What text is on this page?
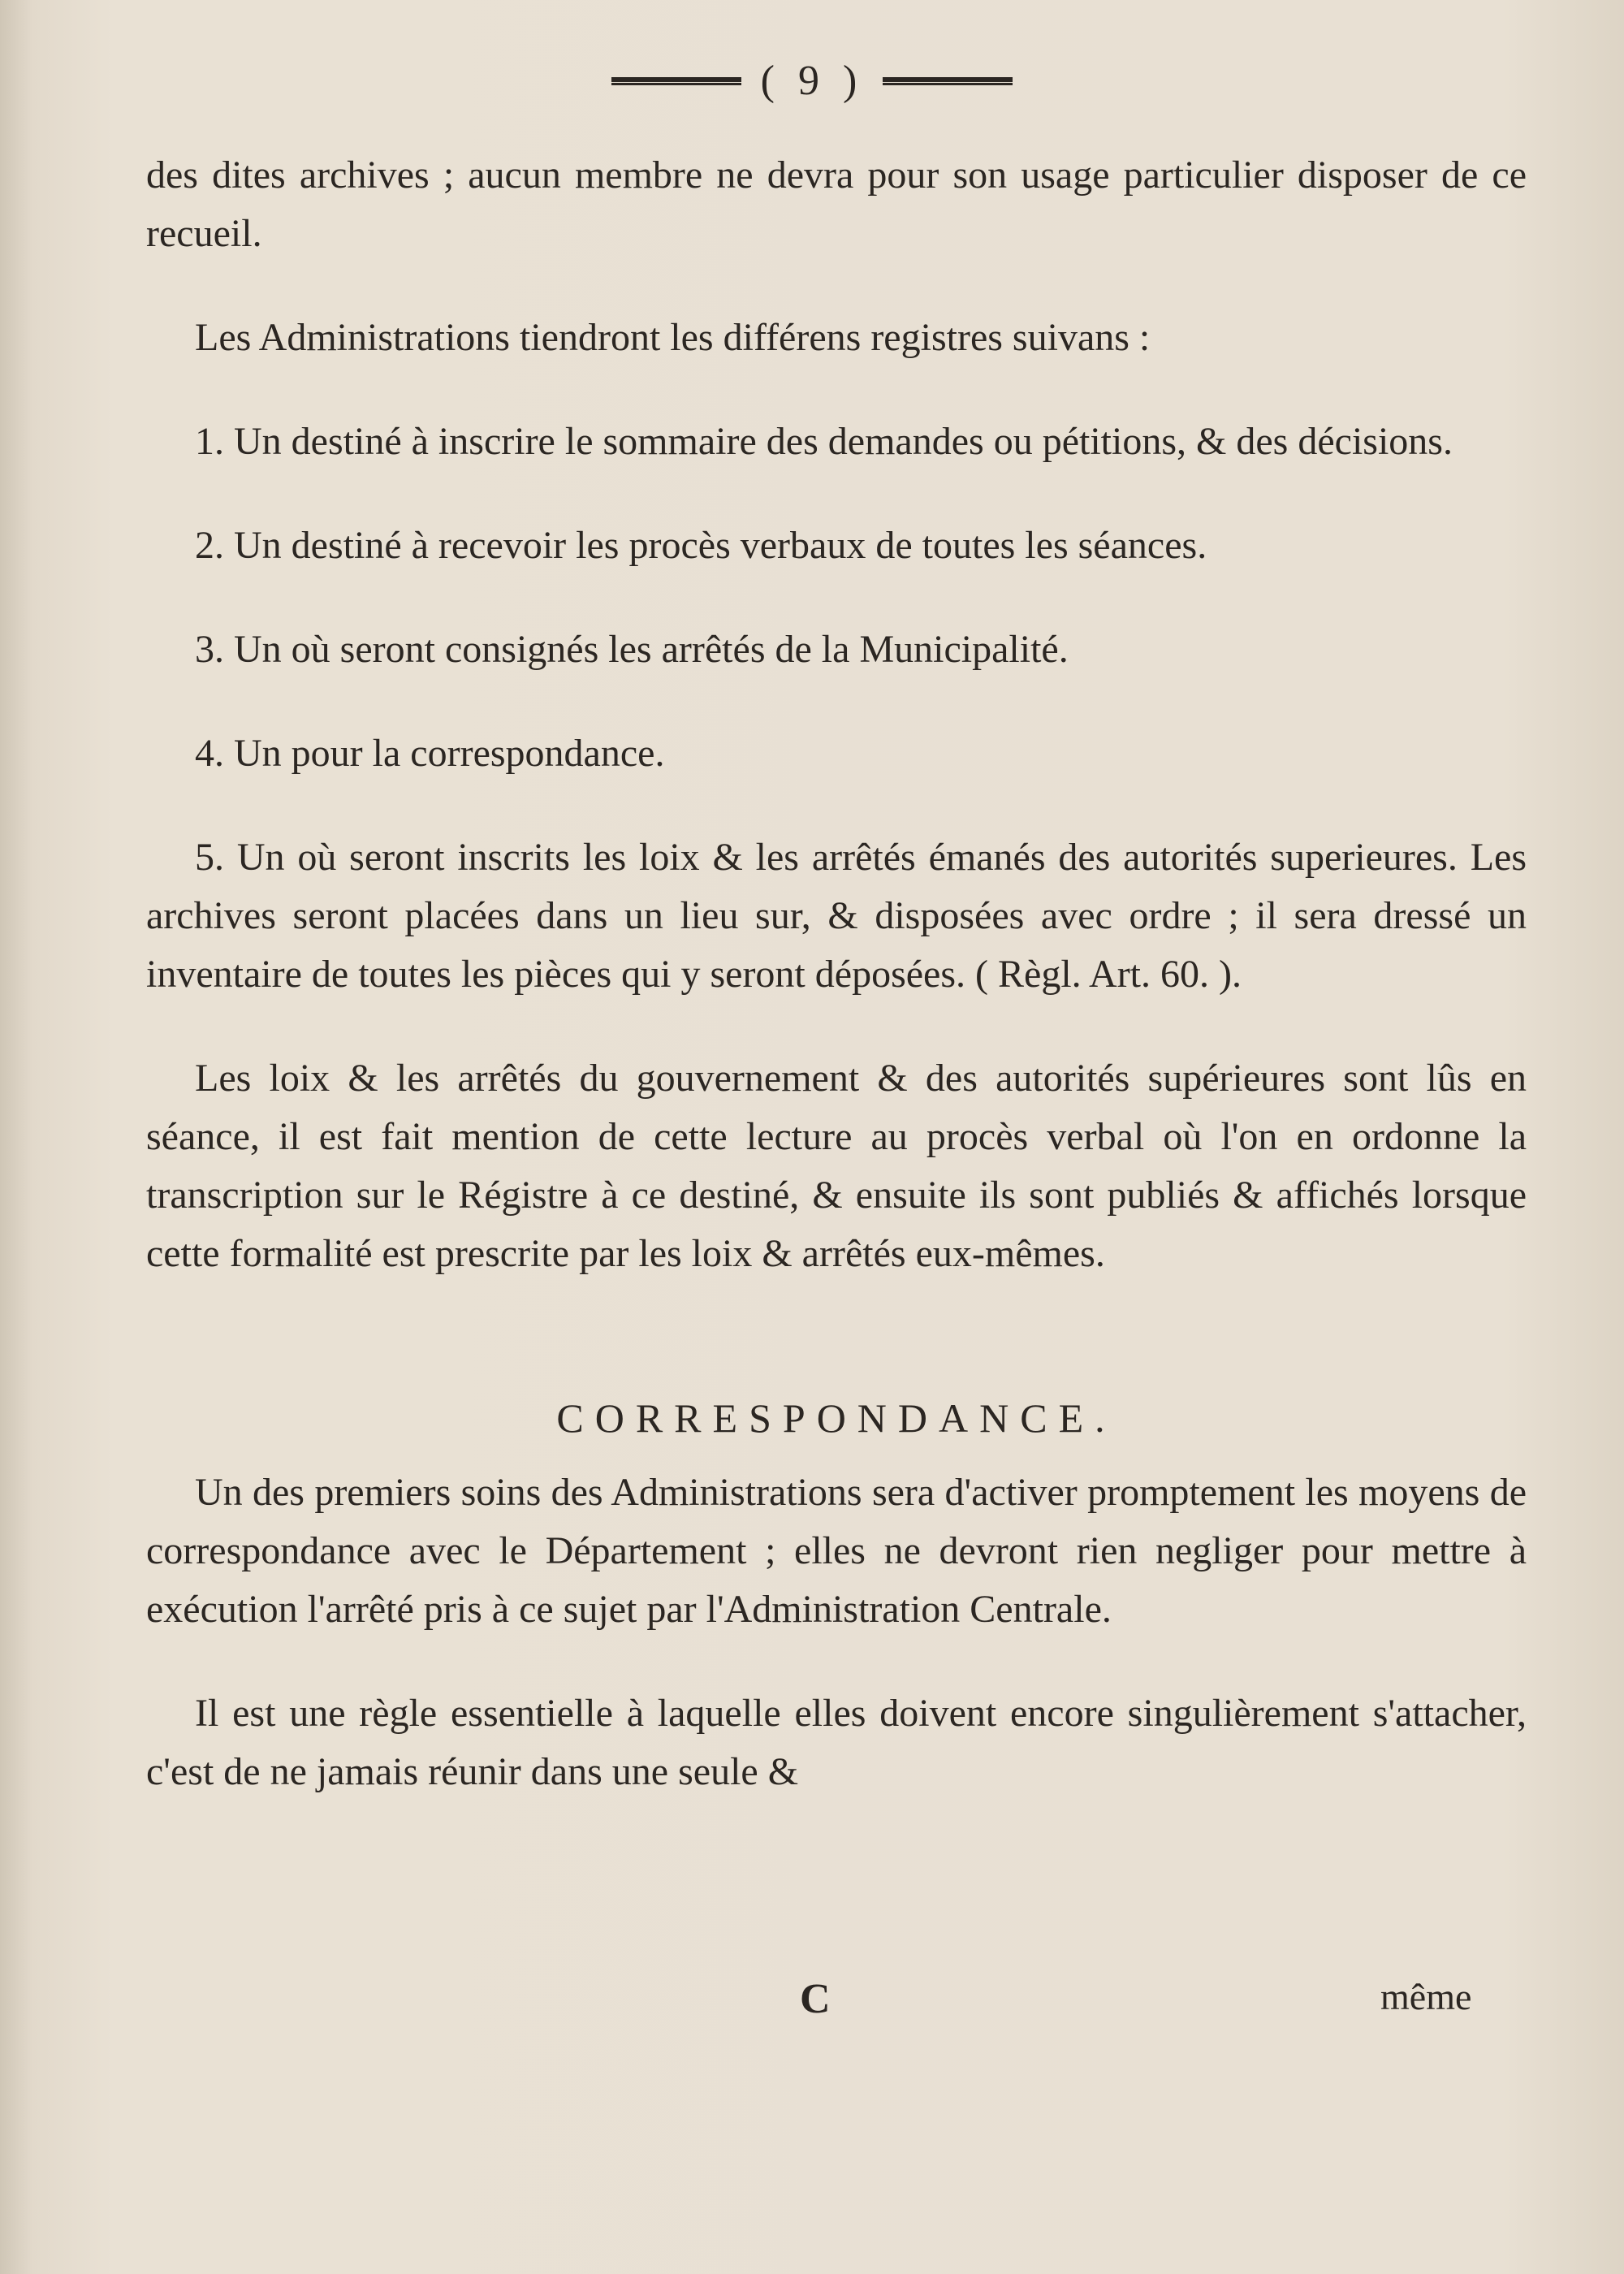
( 9 )

des dites archives ; aucun membre ne devra pour son usage particulier disposer de ce recueil.

Les Administrations tiendront les différens registres suivans :

1. Un destiné à inscrire le sommaire des demandes ou pétitions, & des décisions.

2. Un destiné à recevoir les procès verbaux de toutes les séances.

3. Un où seront consignés les arrêtés de la Municipalité.

4. Un pour la correspondance.

5. Un où seront inscrits les loix & les arrêtés émanés des autorités superieures. Les archives seront placées dans un lieu sur, & disposées avec ordre ; il sera dressé un inventaire de toutes les pièces qui y seront déposées. ( Règl. Art. 60. ).

Les loix & les arrêtés du gouvernement & des autorités supérieures sont lûs en séance, il est fait mention de cette lecture au procès verbal où l'on en ordonne la transcription sur le Régistre à ce destiné, & ensuite ils sont publiés & affichés lorsque cette formalité est prescrite par les loix & arrêtés eux-mêmes.

CORRESPONDANCE.

Un des premiers soins des Administrations sera d'activer promptement les moyens de correspondance avec le Département ; elles ne devront rien negliger pour mettre à exécution l'arrêté pris à ce sujet par l'Administration Centrale.

Il est une règle essentielle à laquelle elles doivent encore singulièrement s'attacher, c'est de ne jamais réunir dans une seule &

C	même
